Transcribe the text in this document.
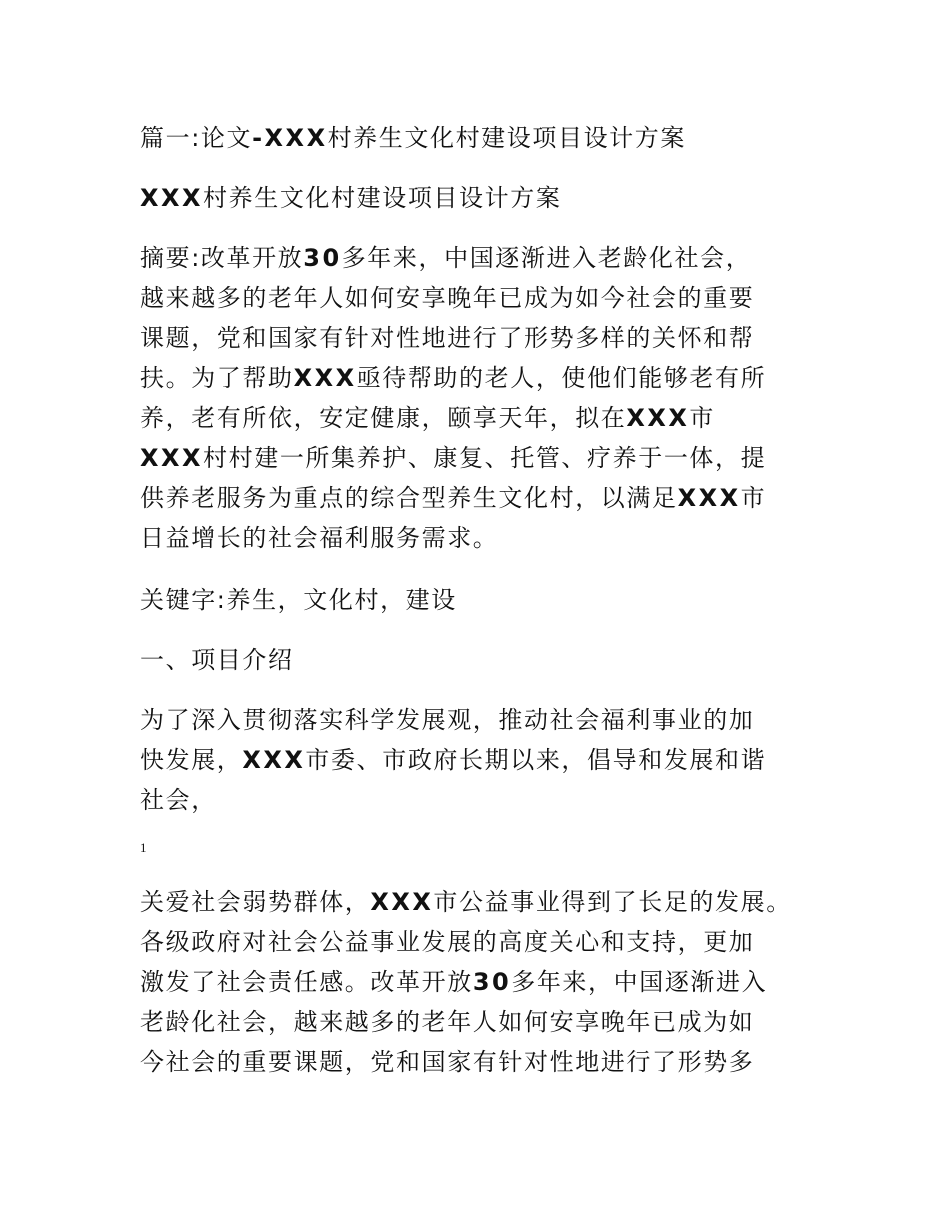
篇一:论文-XXX村养生文化村建设项目设计方案
XXX村养生文化村建设项目设计方案
摘要:改革开放30多年来，中国逐渐进入老龄化社会，
越来越多的老年人如何安享晚年已成为如今社会的重要
课题，党和国家有针对性地进行了形势多样的关怀和帮
扶。为了帮助XXX亟待帮助的老人，使他们能够老有所
养，老有所依，安定健康，颐享天年，拟在XXX市
XXX村村建一所集养护、康复、托管、疗养于一体，提
供养老服务为重点的综合型养生文化村，以满足XXX市
日益增长的社会福利服务需求。
关键字:养生，文化村，建设
一、项目介绍
为了深入贯彻落实科学发展观，推动社会福利事业的加
快发展，XXX市委、市政府长期以来，倡导和发展和谐
社会，
1
关爱社会弱势群体，XXX市公益事业得到了长足的发展。
各级政府对社会公益事业发展的高度关心和支持，更加
激发了社会责任感。改革开放30多年来，中国逐渐进入
老龄化社会，越来越多的老年人如何安享晚年已成为如
今社会的重要课题，党和国家有针对性地进行了形势多
